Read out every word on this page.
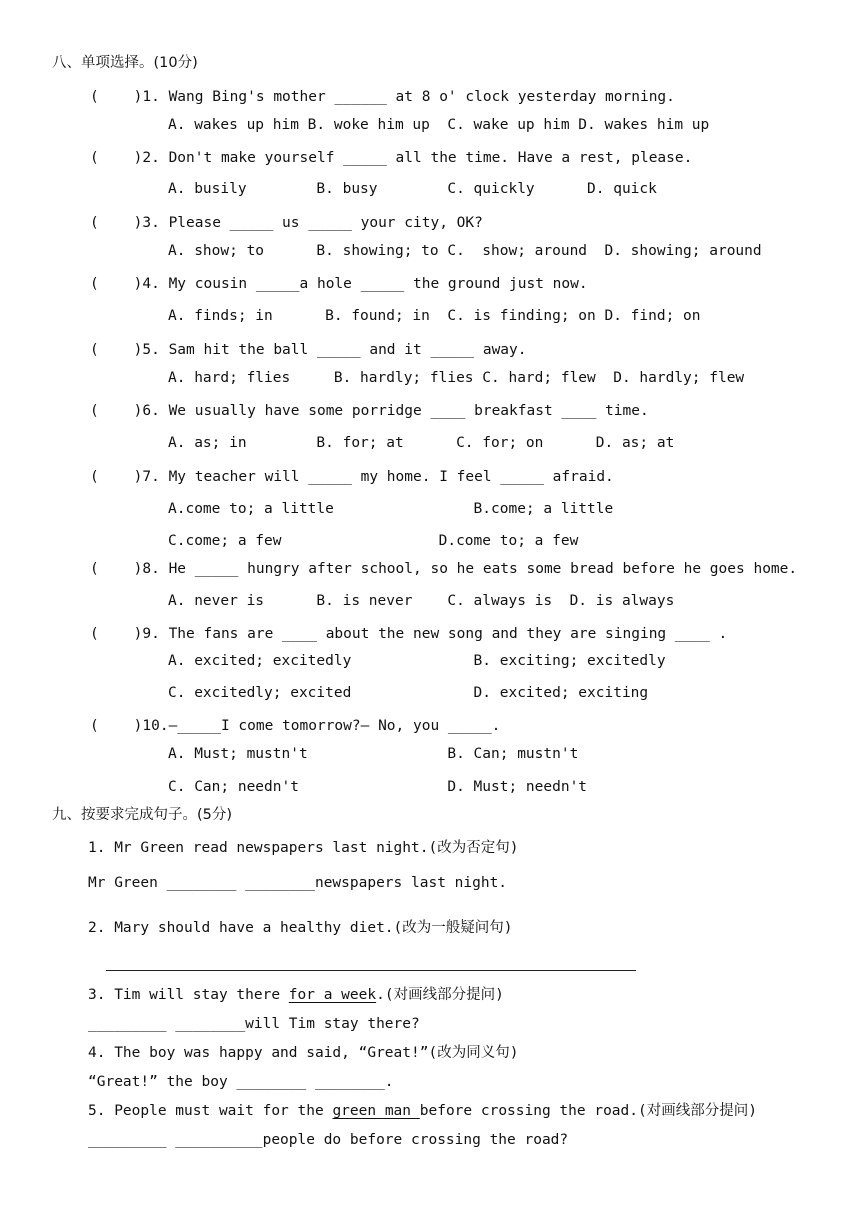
八、单项选择。(10分)
(    )1. Wang Bing's mother ______ at 8 o' clock yesterday morning.
A. wakes up him B. woke him up  C. wake up him D. wakes him up
(    )2. Don't make yourself _____ all the time. Have a rest, please.
A. busily        B. busy        C. quickly      D. quick
(    )3. Please _____ us _____ your city, OK?
A. show; to      B. showing; to C.  show; around  D. showing; around
(    )4. My cousin _____a hole _____ the ground just now.
A. finds; in      B. found; in  C. is finding; on D. find; on
(    )5. Sam hit the ball _____ and it _____ away.
A. hard; flies     B. hardly; flies C. hard; flew  D. hardly; flew
(    )6. We usually have some porridge ____ breakfast ____ time.
A. as; in        B. for; at      C. for; on      D. as; at
(    )7. My teacher will _____ my home. I feel _____ afraid.
A.come to; a little                B.come; a little
C.come; a few                  D.come to; a few
(    )8. He _____ hungry after school, so he eats some bread before he goes home.
A. never is      B. is never    C. always is  D. is always
(    )9. The fans are ____ about the new song and they are singing ____ .
A. excited; excitedly              B. exciting; excitedly
C. excitedly; excited              D. excited; exciting
(    )10.—_____I come tomorrow?— No, you _____.
A. Must; mustn't                B. Can; mustn't
C. Can; needn't                 D. Must; needn't
九、按要求完成句子。(5分)
1. Mr Green read newspapers last night.(改为否定句)
Mr Green ________ ________newspapers last night.
2. Mary should have a healthy diet.(改为一般疑问句)
3. Tim will stay there for a week.(对画线部分提问)
_________ ________will Tim stay there?
4. The boy was happy and said, “Great!”(改为同义句)
“Great!” the boy ________ ________.
5. People must wait for the green man before crossing the road.(对画线部分提问)
_________ __________people do before crossing the road?
